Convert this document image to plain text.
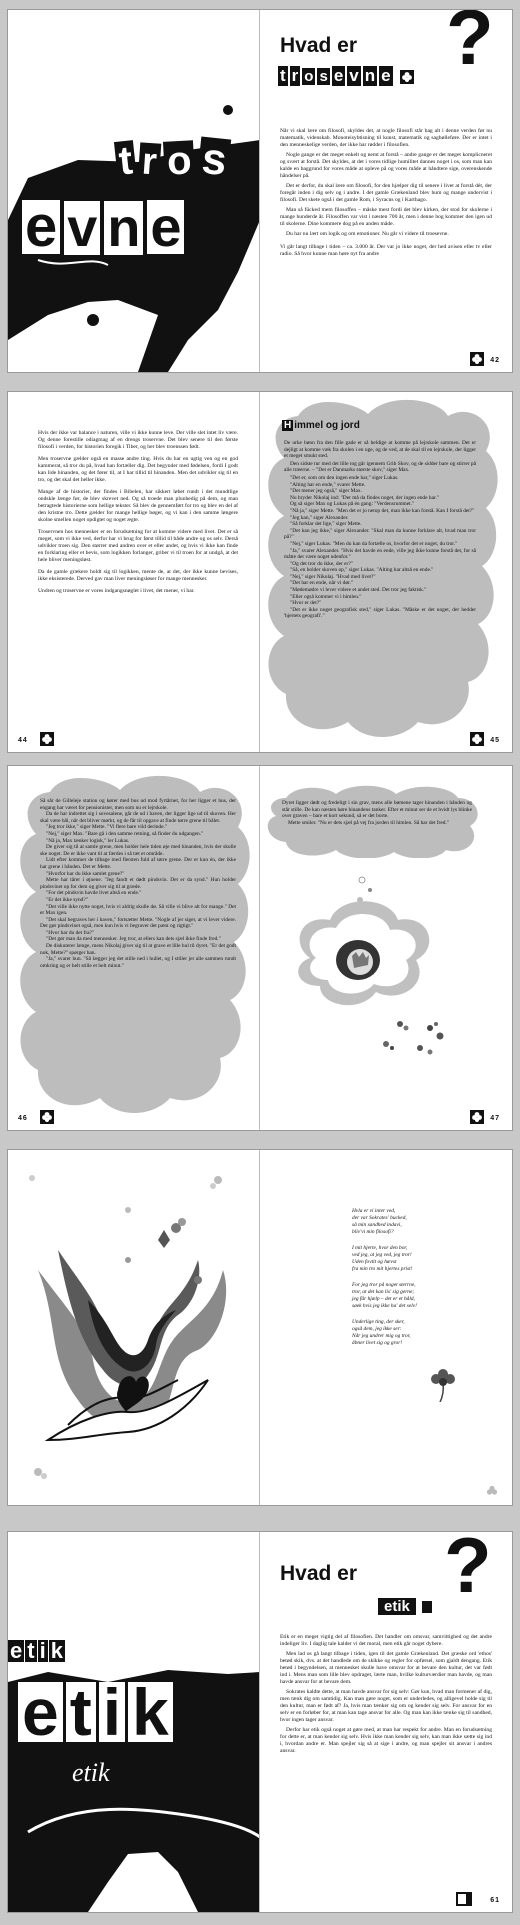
t r o s
e v n e
Hvad er ?
t r o s e v n e

Når vi skal lære om filosofi, skyldes det, at nogle filosofi står bag alt i denne verden før nu matematik, videnskab. Monoteisybtisning til kunst, matematik og sagbølleføre. Der er intet i den menneskelige verden, der ikke har rødder i filosofien.

Nogle gange er det meget enkelt og nemt at forstå – andre gange er det meget komplicneret og svært at forstå. Det skyldes, at det i vores tidlige humilitet dannes noget i os, som man kan kalde en baggrund for vores måde at opleve på og vores måde at håndtere sige, overenskende håndelser på.

Det er derfor, du skal lære om filosofi, for den hjælper dig til senere i livet at forstå dét, der foregår inden i dig selv og i andre. I det gamle Grækenland blev hum og mange undervist i filosofi. Det skete også i det gamle Rom, i Syracus og i Karthago.

Man så fücked mem filosoffen – måske mest fordi det blev kirken, der stod for skolerne i mange hunderde år. Filosoffen var vist i næsten 700 år, men i denne bog kommer den igen ud til skolerne. Dine kommere dog på en anden måde.

Du har nu lært om logik og om emotioner. Nu går vi videre til troesevne.

Vi går langt tilbage i tiden – ca. 3.000 år. Der var jo ikke noget, der hed avisen eller tv eller radio. Så hvor kunne man høre nyt fra andre

42

Hvis der ikke var balance i naturen, ville vi ikke kunne leve. Der ville slet intet liv være. Og denne forestille odiagmag af en drengs troservne. Det blev senere til den første filosofi i verden, for historien foregik i Tiber, og her blev troenssen født.

Men troservne gælder også en masse andre ting. Hvis du har en ugtig ven og en god kammerat, så tror du på, hvad han fortæller dig. Det begynder med fødelsen, fordi I godt kan lide hinanden, og det fører til, at I har tillid til hinanden. Men det udvikler sig til en tro, og det skal det heller ikke.

Mange af de historier, der findes i Bibelen, har sikkert løbet rundt i det mundtlige ondskle længe før, de blev skrevet ned. Og så troede man plunhedig på dem, og man betragtede historierne som hellige tekster. Så blev de gennemført for tro og blev en del af den kristne tro. Dette gælder for mange hellige bøger, og vi kan i den samme løngere skolne smellen noget opdigtet og noget ægte.

Troservnen hos mennesker er en forudsætning for at komme videre med livet. Det er så meget, som vi ikke ved, derfor har vi brug for først tillid til både andre og os selv. Derså udvikler troen sig. Den størrer med andren over et eller andet, og hvis vi ikke kan finde en forklaring eller et bevis, som logikken forlanger, griber vi til troen for at undgå, at det hele bliver meningsløst.

Da de gamle grækere holdt sig til logikken, mente de, at det, der ikke kunne bevises, ikke eksisterede. Derved gav man liver meningsløser for mange mennesker.

Undren og troservne er vores indgangsnøglet i livet, det mener, vi har.

44
H immel og jord

De urke bønn fra den fille gade er så heldige at komme på lejrskole sammen. Det er dejligt at komme væk fra skolen i en uge, og de ved, at de skal til en lejrskole, der ligger et meget smukt sted.

Den sidste tur med det lille tog går igennem Grib Skov, og de sidder bare og stirrer på alle træerne. – "Det er Danmarks største skov," siger Max.

"Det er, som om den ingen ende har," siger Lukas.

"Alting har en ende," svarer Mette.

"Det mener jeg også," siger Max.

Nu bryder Nikolaj ind: "Der må da findes noget, der ingen ende har."

Og så siger Max og Lukas på én gang: "Verdensrummet."

"Nå ja," siger Mette. "Men det er jo netop det, man ikke kan forstå. Kan I forstå det?"

"Jeg kan," siger Alexander.

"Så forklar det lige," siger Mette.

"Det kan jeg ikke," siger Alexander. "Skal man da kunne forklare alt, hvad man tror på?"

"Nej," siger Lukas. "Men du kan da fortælle os, hvorfor det er noget, du tror."

"Ja," svarer Alexander. "Hvis det havde en ende, ville jeg ikke kunne forstå det, for så måtte der være noget udenfor."

"Og det tror du ikke, der er?"

"Så, en holder skoven op," siger Lukas. "Alting har altså en ende."

"Nej," siger Nikolaj. "Hvad med livet?"

"Det har en ende, når vi dør."

"Mødemødre vi lever videre et andet sted. Det tror jeg faktisk."

"Eller også kommer vi i himlen."

"Hvor er det?"

"Det er ikke noget geografisk sted," siger Lukas. "Måske er det noget, der hedder 'hjertets geografi'."

45

Så sår de Gillelejе station og kører med bus ud mod fyrtårnet, for her ligger et hus, der engang har været for pensionister, men som nu er lejrskole.

Da de har indrettet sig i sovesalene, går de ud i haven, der ligger lige ud til skoven. Her skal være bål, når det bliver mørkt, og de får til opgave at finde tørre grene til bålet.

"Jeg tror ikke," siger Mette. "Vi flere bare vild derinde."

"Nej," siger Max. "Bare gå i den samme retning, så finder du udgangen."

"Nå ja, Max tænker logisk," ler Lukas.

De giver sig til at samle grene, men holder hele tiden øje med hinanden, hvis der skulle ske noget. De er ikke vant til at færdes i så tæt et område.

Lidt efter kommer de tilbage med flersten fuld af tørre grene. Der er kun én, der ikke har grene i hånden. Det er Mette.

"Hvorfor har du ikke samlet grene?"

Mette har tårer i øjnene. "Jeg fandt et dødt pindsvin. Det er da synd." Hun holder pindsvinet op for dem og giver sig til at græde.

"For det pindsvin havde livet altså en ende."

"Er det ikke synd?"

"Det ville ikke nytte noget, hvis vi aldrig skulle dø. Så ville vi blive alt for mange." Det er Max igen.

"Det skal begraves her i haven," fortsætter Mette. "Nogle af jer siger, at vi lever videre. Det gør pindsvinet også, men kun hvis vi begraver det pænt og rigtigt."

"Hvor har du det fra?"

"Det gør man da med mennesker. Jeg tror, at ellers kan dets sjæl ikke finde fred."

De diskuterer længe, mens Nikolaj giver sig til at grave et lille hul til dyret. "Er det godt nok, Mette?" spørger han.

"Ja," svarer hun. "Så lægger jeg det stille ned i hullet, og I stiller jer alle sammen rundt omkring og er helt stille et helt minut."

46

Dyret ligger dødt og fredeligt i sin grav, mens alle bømene tager hinanden i hånden og står stille. De kan næsten høre hinandens tanker. Efter et minut ser de et hvidt lys blinke over graven – bare et kort sekund, så er det borte.

Mette smiler. "Nu er dets sjæl på vej fra jorden til himlen. Så har det fred."

47

Hvla er vi inter ved,
der var Sokrates' bucked,
så min sandhed indavi,
bliv'vi min filosofi?

I mit hjerte, hvor den bor,
ved jeg, at jeg ved, jeg tror!
Uden fovtit og hævst
fra min tro mit hjertes prist!

For jeg tror på noget sterrne,
tror, at det kan lis' sig gerne;
jeg får hjælp – det er et håld,
søek hvis jeg ikke ha' det selv!

Underlige ting, der sker,
også dem, jeg ikke ser:
Når jeg undrer mig og tror,
åbner livet sig og gror!

e t i k
e t i k
etik
Hvad er ?
etik

Etik er en meget vigtig del af filosofien. Det handler om omsvar, samvittighed og det andre indeliger liv. I daglig tale kalder vi det moral, men etik går noget dybere.

Men lad os gå langt tilbage i tiden, igen til det gamle Grækenland. Det græske ord 'ethos' betød skik, dvs. at det handlede om de skikke og regler for opførsel, som gjaldt dengang. Etik betød i begyndelsen, at mennesket skulle have omsvar for at bevare den kultur, det var født ind i. Mens man som lille blev opdraget, lærte man, hvilke kulturværdier man havde, og man havde ansvar for at bevare dem.

Sokrates kaldte dette, at man havde ansvar for sig selv: Gør kun, hvad man formener af dig, men tænk dig om samtidig. Kan man gøre noget, som er underledes, og alligevel holde sig til den kultur, man er født af? Ja, hvis man tænker sig om og kender sig selv. For ansvar for en selv er en forløber for, at man kan tage ansvar for alle. Og man kan ikke tænke sig til sandhed, hvor ingen tager ansvar.

Derfor har etik også noget at gøre med, at man har respekt for andre. Man en forudsætning for dette er, at man kender sig selv. Hvis ikke man kender sig selv, kan man ikke sætte sig ind i, hvordan andre er. Man spejler sig så at sige i andre, og man spejler sit ansvar i andres ansvar.

61
